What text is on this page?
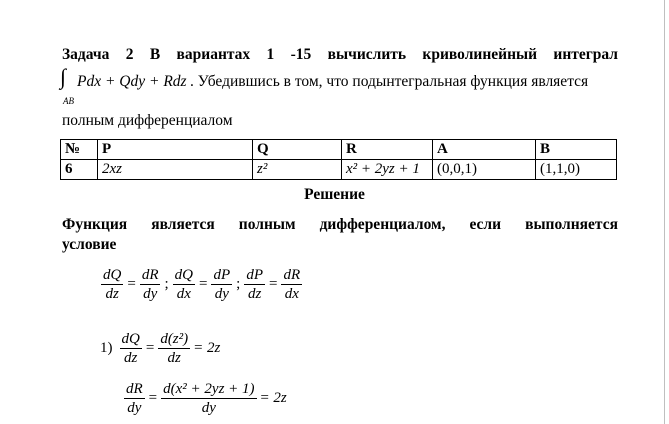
Задача 2 В вариантах 1 -15 вычислить криволинейный интеграл
∫
AB
Pdx + Qdy + Rdz . Убедившись в том, что подынтегральная функция является
полным дифференциалом
№	P	Q	R	A	B
6	2xz	z²	x² + 2yz + 1	(0,0,1)	(1,1,0)
Решение
Функция является полным дифференциалом, если выполняется
условие
$\frac{dQ}{dz} = \frac{dR}{dy}$ ; $\frac{dQ}{dx} = \frac{dP}{dy}$ ; $\frac{dP}{dz} = \frac{dR}{dx}$
$1) \frac{dQ}{dz} = \frac{\text{d(z²)}}{dz} = 2z$
$\frac{dR}{dy} = \frac{\text{d(x² + 2yz + 1)}}{dy} = 2z$
